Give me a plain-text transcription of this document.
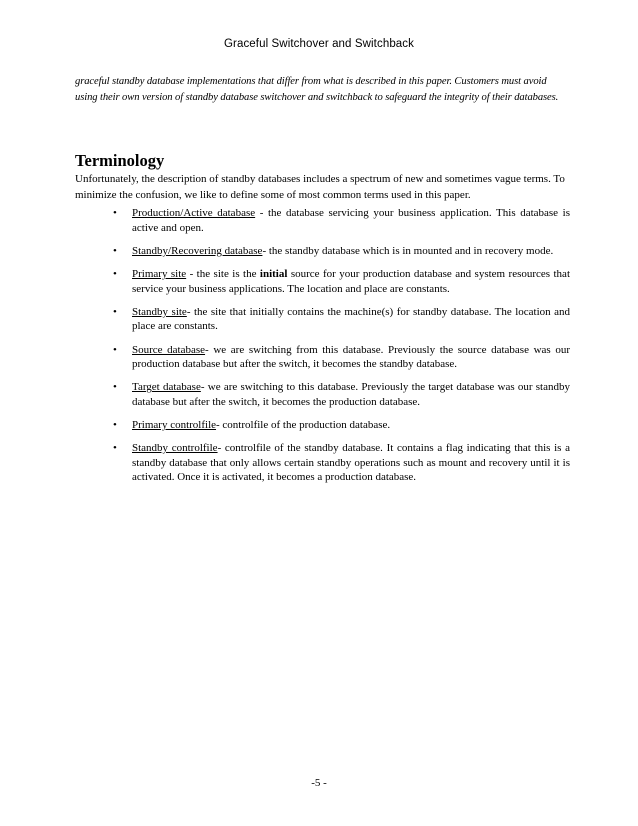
Graceful Switchover and Switchback
graceful standby database implementations that differ from what is described in this paper. Customers must avoid using their own version of standby database switchover and switchback to safeguard the integrity of their databases.
Terminology

Unfortunately, the description of standby databases includes a spectrum of new and sometimes vague terms. To minimize the confusion, we like to define some of most common terms used in this paper.

• Production/Active database - the database servicing your business application. This database is active and open.
• Standby/Recovering database- the standby database which is in mounted and in recovery mode.
• Primary site - the site is the initial source for your production database and system resources that service your business applications. The location and place are constants.
• Standby site- the site that initially contains the machine(s) for standby database. The location and place are constants.
• Source database- we are switching from this database. Previously the source database was our production database but after the switch, it becomes the standby database.
• Target database- we are switching to this database. Previously the target database was our standby database but after the switch, it becomes the production database.
• Primary controlfile- controlfile of the production database.
• Standby controlfile- controlfile of the standby database. It contains a flag indicating that this is a standby database that only allows certain standby operations such as mount and recovery until it is activated. Once it is activated, it becomes a production database.
-5 -
